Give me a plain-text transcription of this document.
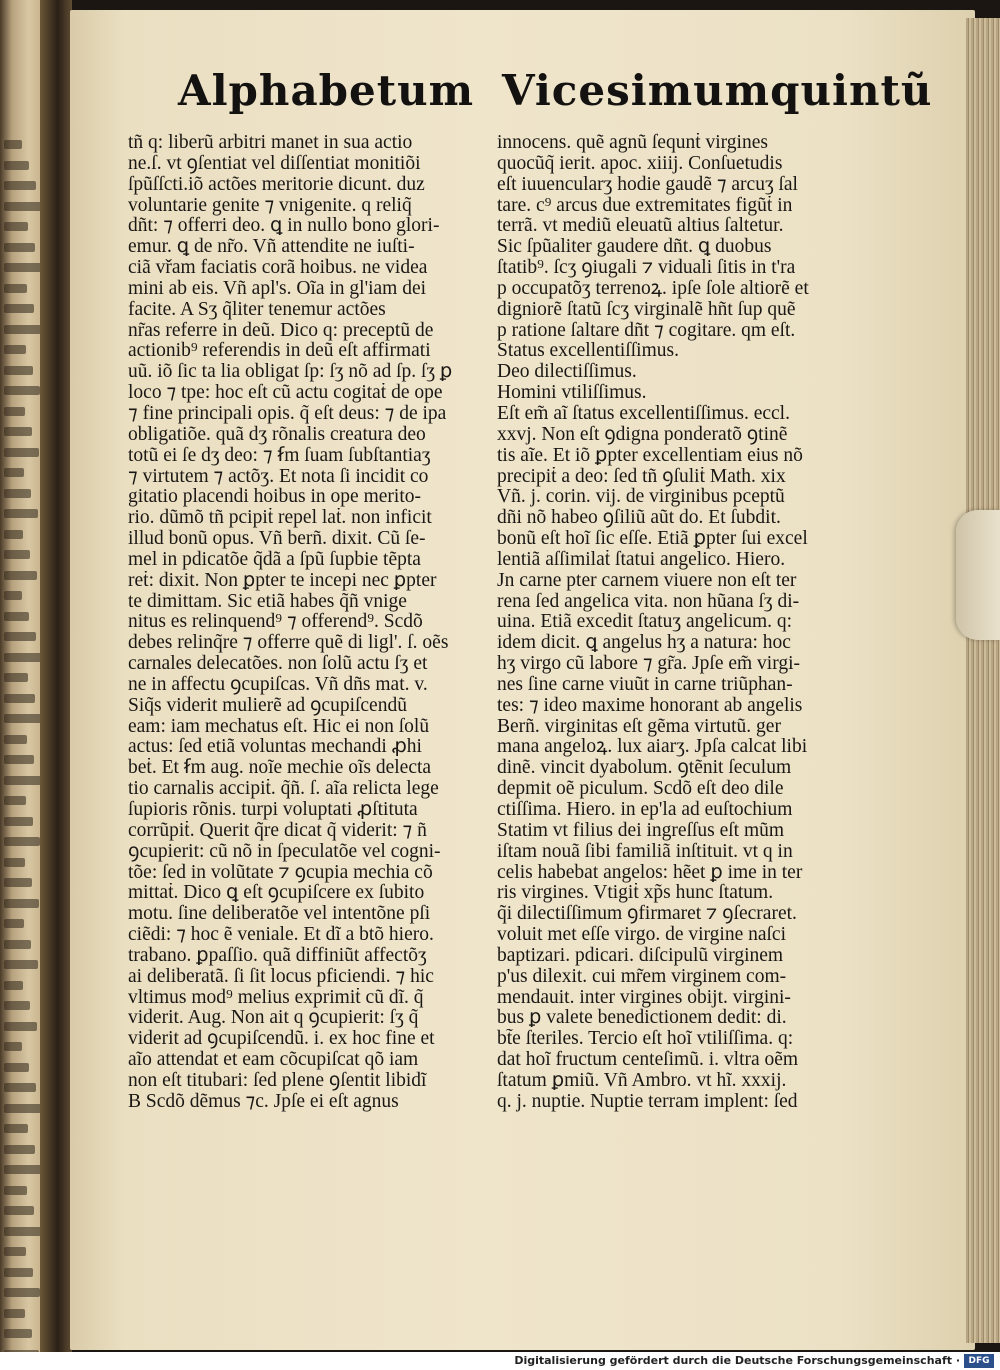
Alphabetum Vicesimumquintũ
tñ q: liberũ arbitri manet in sua actio
ne.ſ. vt ꝯſentiat vel diſſentiat monitiõi
ſpũſſcti.iõ actões meritorie dicunt. duz
voluntarie genite ⁊ vnigenite. q reliq̃
dñt: ⁊ offerri deo. ꝗ in nullo bono glori-
emur. ꝗ de nr̃o. Vñ attendite ne iuſti-
ciã vřam faciatis corã hoibus. ne videa
mini ab eis. Vñ apl's. Oĩa in gl'iam dei
facite. A Sʒ q̃liter tenemur actões
nr̃as referre in deũ. Dico q: preceptũ de
actionib⁹ referendis in deũ eſt affirmati
uũ. iõ ſic ta lia obligat ſp: ſʒ nõ ad ſp. ſʒ ꝑ
loco ⁊ tpe: hoc eſt cũ actu cogitaṫ de ope
⁊ fine principali opis. q̃ eſt deus: ⁊ de ipa
obligatiõe. quã dʒ rõnalis creatura deo
totũ ei ſe dʒ deo: ⁊ ẜm ſuam ſubſtantiaʒ
⁊ virtutem ⁊ actõʒ. Et nota ſi incidit co
gitatio placendi hoibus in ope merito-
rio. dũmõ tñ pcipiṫ repel laṫ. non inficit
illud bonũ opus. Vñ berñ. dixit. Cũ ſe-
mel in pdicatõe q̃dã a ſpũ ſupbie tẽpta
reṫ: dixit. Non ꝑpter te incepi nec ꝑpter
te dimittam. Sic etiã habes q̃ñ vnige
nitus es relinquend⁹ ⁊ offerend⁹. Scdõ
debes relinq̃re ⁊ offerre quẽ di ligl'. ſ. oẽs
carnales delecatões. non ſolũ actu ſʒ et
ne in affectu ꝯcupiſcas. Vñ dñs mat. v.
Siq̃s viderit mulierẽ ad ꝯcupiſcendũ
eam: iam mechatus eſt. Hic ei non ſolũ
actus: ſed etiã voluntas mechandi ꝓhi
beṫ. Et ẜm aug. noĩe mechie oĩs delecta
tio carnalis accipiṫ. q̃ñ. ſ. aĩa relicta lege
ſupioris rõnis. turpi voluptati ꝓſtituta
corrũpiṫ. Querit q̃re dicat q̃ viderit: ⁊ ñ
ꝯcupierit: cũ nõ in ſpeculatõe vel cogni-
tõe: ſed in volũtate ⁊ ꝯcupia mechia cõ
mittaṫ. Dico ꝗ eſt ꝯcupiſcere ex ſubito
motu. ſine deliberatõe vel intentõne pſi
ciẽdi: ⁊ hoc ẽ veniale. Et dĩ a btõ hiero.
trabano. ꝑpaſſio. quã diffiniũt affectõʒ
ai deliberatã. ſi ſit locus pficiendi. ⁊ hic
vltimus mod⁹ melius exprimiṫ cũ dĩ. q̃
viderit. Aug. Non ait q ꝯcupierit: ſʒ q̃
viderit ad ꝯcupiſcendũ. i. ex hoc fine et
aĩo attendat et eam cõcupiſcat qõ iam
non eſt titubari: ſed plene ꝯſentit libidĩ
B Scdõ dẽmus ⁊c. Jpſe ei eſt agnus
innocens. quẽ agnũ ſequnṫ virgines
quocũq̃ ierit. apoc. xiiij. Conſuetudis
eſt iuuencularʒ hodie gaudẽ ⁊ arcuʒ ſal
tare. c⁹ arcus due extremitates figũṫ in
terrã. vt mediũ eleuatũ altius ſaltetur.
Sic ſpũaliter gaudere dñt. ꝗ duobus
ſtatib⁹. ſcʒ ꝯiugali ⁊ viduali ſitis in t'ra
p occupatõʒ terrenoꝝ. ipſe ſole altiorẽ et
digniorẽ ſtatũ ſcʒ virginalẽ hñt ſup quẽ
p ratione ſaltare dñt ⁊ cogitare. qm eſt.
Status excellentiſſimus.
Deo dilectiſſimus.
Homini vtiliſſimus.
Eſt em̃ aĩ ſtatus excellentiſſimus. eccl.
xxvj. Non eſt ꝯdigna ponderatõ ꝯtinẽ
tis aĩe. Et iõ ꝑpter excellentiam eius nõ
precipiṫ a deo: ſed tñ ꝯſuliṫ Math. xix
Vñ. j. corin. vij. de virginibus pceptũ
dñi nõ habeo ꝯſiliũ aũt do. Et ſubdit.
bonũ eſt hoĩ ſic eſſe. Etiã ꝑpter ſui excel
lentiã aſſimilaṫ ſtatui angelico. Hiero.
Jn carne pter carnem viuere non eſt ter
rena ſed angelica vita. non hũana ſʒ di-
uina. Etiã excedit ſtatuʒ angelicum. q:
idem dicit. ꝗ angelus hʒ a natura: hoc
hʒ virgo cũ labore ⁊ gr̃a. Jpſe em̃ virgi-
nes ſine carne viuũt in carne triũphan-
tes: ⁊ ideo maxime honorant ab angelis
Berñ. virginitas eſt gẽma virtutũ. ger
mana angeloꝝ. lux aiarʒ. Jpſa calcat libi
dinẽ. vincit dyabolum. ꝯtẽnit ſeculum
depmit oẽ piculum. Scdõ eſt deo dile
ctiſſima. Hiero. in ep'la ad euſtochium
Statim vt filius dei ingreſſus eſt mũm
iſtam nouã ſibi familiã inſtituit. vt q in
celis habebat angelos: hẽet ꝑ ime in ter
ris virgines. Vtigiṫ xp̃s hunc ſtatum.
q̃i dilectiſſimum ꝯfirmaret ⁊ ꝯſecraret.
voluit met eſſe virgo. de virgine naſci
baptizari. pdicari. diſcipulũ virginem
p'us dilexit. cui mr̃em virginem com-
mendauit. inter virgines obijt. virgini-
bus ꝑ valete benedictionem dedit: di.
bt̃e ſteriles. Tercio eſt hoĩ vtiliſſima. q:
dat hoĩ fructum centeſimũ. i. vltra oẽm
ſtatum ꝑmiũ. Vñ Ambro. vt hĩ. xxxij.
q. j. nuptie. Nuptie terram implent: ſed
Digitalisierung gefördert durch die Deutsche Forschungsgemeinschaft · DFG
